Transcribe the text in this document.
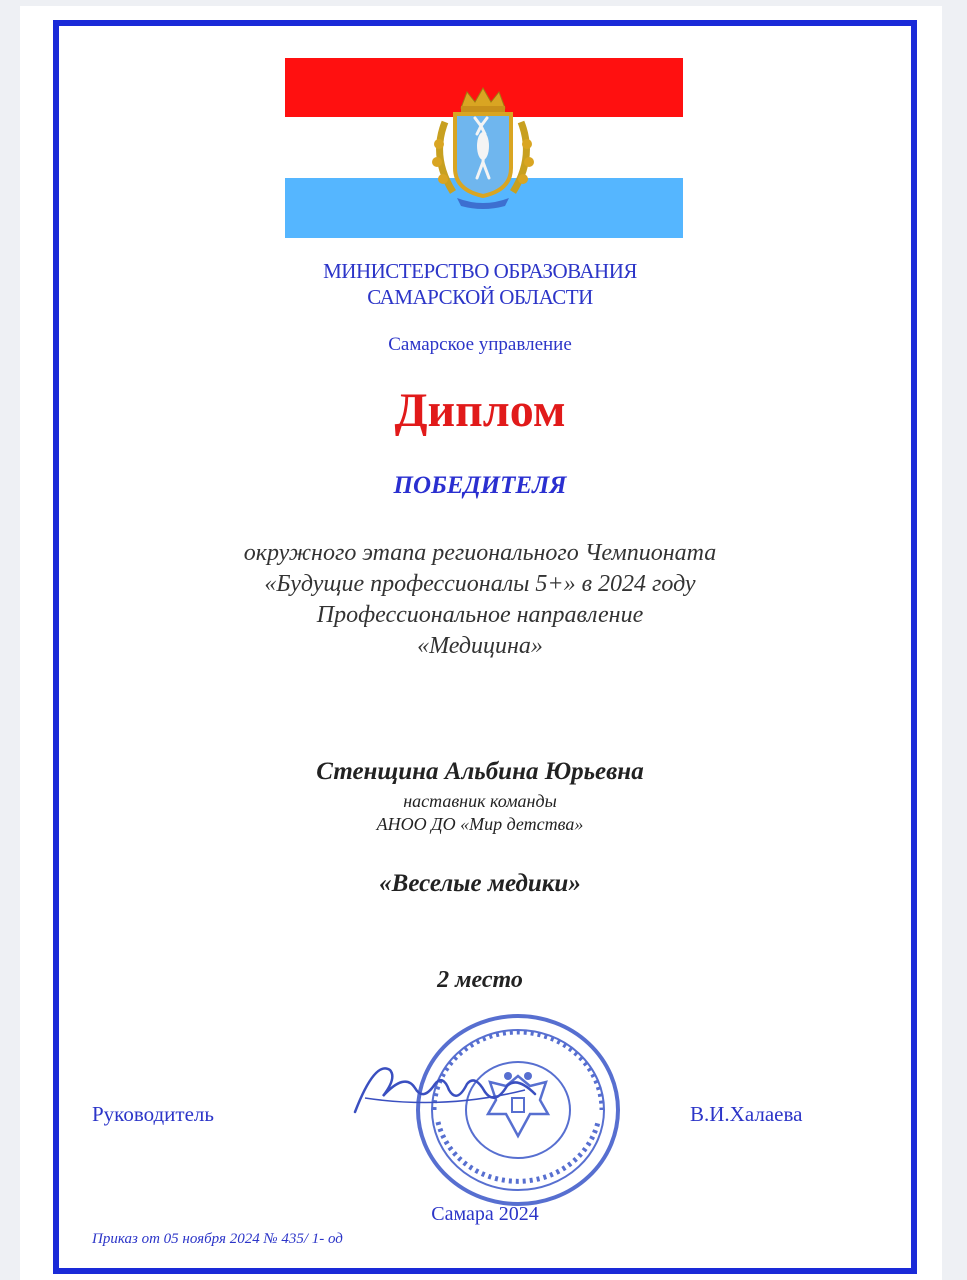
МИНИСТЕРСТВО ОБРАЗОВАНИЯ
САМАРСКОЙ ОБЛАСТИ

Самарское управление

Диплом

ПОБЕДИТЕЛЯ

окружного этапа регионального Чемпионата
«Будущие профессионалы 5+» в 2024 году
Профессиональное направление
«Медицина»

Стенщина Альбина Юрьевна

наставник команды
АНОО ДО «Мир детства»

«Веселые медики»

2 место

Руководитель	В.И.Халаева
Самара 2024
Приказ от 05 ноября 2024 № 435/ 1- од
